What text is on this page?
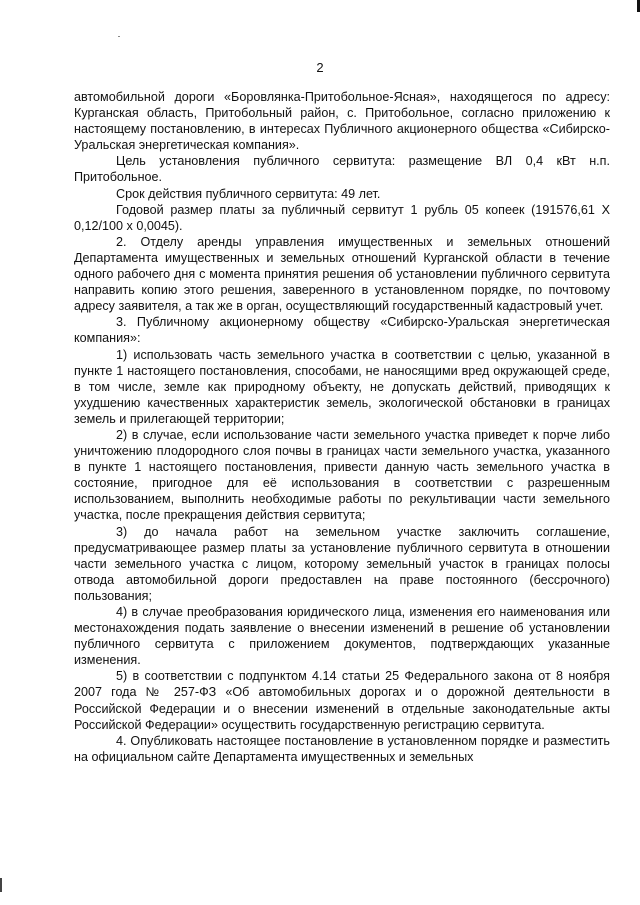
2

автомобильной дороги «Боровлянка-Притобольное-Ясная», находящегося по адресу: Курганская область, Притобольный район, с. Притобольное, согласно приложению к настоящему постановлению, в интересах Публичного акционерного общества «Сибирско-Уральская энергетическая компания».

Цель установления публичного сервитута: размещение ВЛ 0,4 кВт н.п. Притобольное.

Срок действия публичного сервитута: 49 лет.

Годовой размер платы за публичный сервитут 1 рубль 05 копеек (191576,61 Х 0,12/100 х 0,0045).

2. Отделу аренды управления имущественных и земельных отношений Департамента имущественных и земельных отношений Курганской области в течение одного рабочего дня с момента принятия решения об установлении публичного сервитута направить копию этого решения, заверенного в установленном порядке, по почтовому адресу заявителя, а так же в орган, осуществляющий государственный кадастровый учет.

3. Публичному акционерному обществу «Сибирско-Уральская энергетическая компания»:

1) использовать часть земельного участка в соответствии с целью, указанной в пункте 1 настоящего постановления, способами, не наносящими вред окружающей среде, в том числе, земле как природному объекту, не допускать действий, приводящих к ухудшению качественных характеристик земель, экологической обстановки в границах земель и прилегающей территории;

2) в случае, если использование части земельного участка приведет к порче либо уничтожению плодородного слоя почвы в границах части земельного участка, указанного в пункте 1 настоящего постановления, привести данную часть земельного участка в состояние, пригодное для её использования в соответствии с разрешенным использованием, выполнить необходимые работы по рекультивации части земельного участка, после прекращения действия сервитута;

3) до начала работ на земельном участке заключить соглашение, предусматривающее размер платы за установление публичного сервитута в отношении части земельного участка с лицом, которому земельный участок в границах полосы отвода автомобильной дороги предоставлен на праве постоянного (бессрочного) пользования;

4) в случае преобразования юридического лица, изменения его наименования или местонахождения подать заявление о внесении изменений в решение об установлении публичного сервитута с приложением документов, подтверждающих указанные изменения.

5) в соответствии с подпунктом 4.14 статьи 25 Федерального закона от 8 ноября 2007 года № 257-ФЗ «Об автомобильных дорогах и о дорожной деятельности в Российской Федерации и о внесении изменений в отдельные законодательные акты Российской Федерации» осуществить государственную регистрацию сервитута.

4. Опубликовать настоящее постановление в установленном порядке и разместить на официальном сайте Департамента имущественных и земельных
